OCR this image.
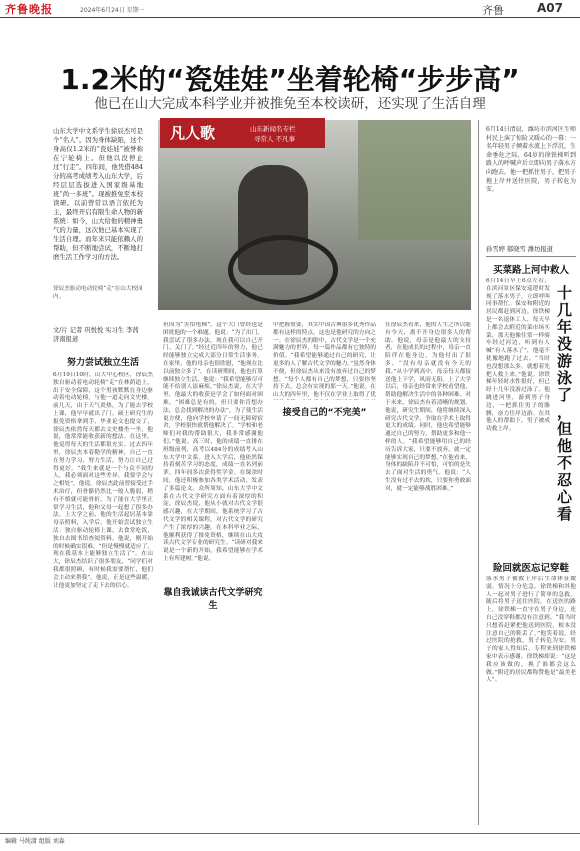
齐鲁晚报	2024年6月24日 星期一	齐鲁	A07
1.2米的“瓷娃娃”坐着轮椅“步步高”
他已在山大完成本科学业并被推免至本校读研，还实现了生活自理
山东大学中文系学生徐辰杰可是个“名人”。因为身体缺陷，这个身高仅1.2米的“瓷娃娃”被誉称在宁轮椅上。但他以没停止过“行走”。四年间，他凭借484分的高考成绩考入山东大学，后经层层选拔进入国家级基地班“尚一多班”。现被推免至本校读研。以前曾常以语言依托为主，最终开启有限生命人物的新系统：如今，山大给他的精神勇气的力量，这次他已基本实现了生活自理。而年来只能依赖人的帮助，但不断地尝试，不断地打磨生活工作学习的方法。
凡人歌	山东新闻名专栏
寻常人 不凡事
徐辰杰驱动电动轮椅“走”在山大校园内。
文/片 记者 巩悦悦 实习生 李茜
济南报道
努力尝试独立生活
靠自我诚读古代文学研究生
接受自己的“不完美”
6月19日10时，山大中心校区，徐辰杰独自驱动着电动轮椅“走”在林荫道上，出于安全保障，这个男孩默默在身边驱动着电动轮椅，与他一道走向文史楼。前几天，由于天气炎热，为了能去学校上课，他早早就出了门。硕士研究生的报免资格拿到手，毕业论文也提交了，徐辰杰依然每天都去文史楼坐一坐，他说，他常常能收获新的想法。在这里，他觉得每天的生活都很充实。过去四年里，徐辰杰本着勤学的精神，自己一直在努力学习、努力生活，努力让自己过得更好。“我生来就是一个与众不同的人，我必须面对这些差异，我要学会与之相处”，他说。徐辰杰此前曾接受过手术治疗，但骨骼仍然比一般人脆弱，稍有不慎就可能骨折。为了能在大学里正常学习生活，他和父母一起想了很多办法。上大学之前，他的生活起居基本靠母亲照料，入学后，他开始尝试独立生活：独自驱动轮椅上课、去食堂吃饭，独自去图书馆查阅资料。他说，刚开始的时候确实很难，“但是慢慢就适应了，现在我基本上能够独立生活了”。在山大，徐辰杰结识了很多朋友，“同学们对我都很照顾，有时候我需要帮忙，他们会主动来帮我”。他说，正是这些温暖，让他更加坚定了走下去的信心。
但因为“害怕电梯”，这个大门曾经也是困扰他的一个难题。他说：“为了出门，我尝试了很多办法，现在我可以自己开门、关门了。”经过近四年的努力，他已经能够独立完成大部分日常生活事务。在家里，他的母亲也很欣慰，“他现在比以前独立多了”。在读研期间，他也打算继续独立生活，他说：“我希望能够尽可能不给别人添麻烦。”徐辰杰说，在大学里，他最大的收获是学会了如何面对困难，“困难总是有的，但只要你肯想办法，总会找到解决的办法”。为了使生活更方便，他向学校申请了一间无障碍宿舍，学校很快就帮他解决了。“学校和老师们对我的帮助很大，我非常感谢他们。”他说。高三时，他的成绩一直排在班级前列，高考以484分的成绩考入山东大学中文系。进入大学后，他依然保持着刻苦学习的态度，成绩一直名列前茅，四年间多次获得奖学金。在课余时间，他还积极参加各类学术活动，发表了多篇论文。众所周知，山东大学中文系在古代文学研究方面有着深厚的积淀。徐辰杰说，他从小就对古代文学很感兴趣，在大学期间，他系统学习了古代文学的相关课程，对古代文学的研究产生了浓厚的兴趣。在本科毕业之际，他顺利获得了推免资格，继续在山大攻读古代文学专业的研究生。“读研对我来说是一个新的开始，我希望能够在学术上有所建树。”他说。
中把握重要，其实中国古典很多优秀作品都有这样的特点，这也是他研究的方向之一。在徐辰杰的眼中，古代文学是一个充满魅力的世界，每一篇作品都有它独特的价值。“我希望能够通过自己的研究，让更多的人了解古代文学的魅力。”虽然身体不便，但徐辰杰从来没有放弃过自己的梦想。“每个人都有自己的梦想，只要你坚持下去，总会有实现的那一天。”他说。在山大的四年里，他不仅在学业上取得了优
在徐辰杰看来，他的人生之所以能有今天，离不开身边很多人的帮助。他说，母亲是他最大的支持者，在他成长的过程中，母亲一直陪伴在他身边，为他付出了很多。“没有母亲就没有今天的我。”从小学到高中，母亲每天都接送他上下学，风雨无阻。上了大学以后，母亲也经常来学校看望他，帮助他解决生活中的各种困难。对于未来，徐辰杰有着清晰的规划。他说，研究生期间，他将继续深入研究古代文学，争取在学术上取得更大的成绩。同时，他也希望能够通过自己的努力，帮助更多和他一样的人。“我希望能够用自己的经历告诉大家，只要不放弃，就一定能够实现自己的梦想。”在他看来，身体的缺陷并不可怕，可怕的是失去了面对生活的勇气。他说：“人生没有过不去的坎，只要你勇敢面对，就一定能够战胜困难。”
6月14日清晨，潍坊市滨河区生师村民上演了惊险又暖心的一幕：一名年轻男子倾着水流上下浮沉，生命垂危之际，64岁的徐铁梯听到路人的呼喊声后立即向男子落水方向跑去。他一把抓住男子，把男子拖上岸并送往医院，男子转危为安。
孙雪婷 郝晓雪 潍坊报道
买菜路上河中救人
6月14日早上6点左右，在滨河景区保安巡逻时发现了落水男子，立即呼叫同事帮忙。保安和附近的居民都赶到河边。徐铁梯是一名退休工人，每天早上都会去附近的菜市场买菜，那天他像往常一样骑车经过河边，听到有人喊“有人落水了”，他毫不犹豫地跑了过去。“当时也没想那么多，就想着先把人救上来。”他说。徐铁梯年轻时水性很好，但已经十几年没游过泳了。他跳进河里，游到男子身边，一把抓住男子的胳膊，奋力往岸边游。在其他人的帮助下，男子被成功救上岸。
十
几
年
没
游
泳
了
，
但
他
不
忍
心
看
险回就医忘记穿鞋
落水男子被救上岸后生命体征微弱，情况十分危急。徐铁梯和其他人一起对男子进行了简单的急救，随后将男子送往医院。在送医的路上，徐铁梯一直守在男子身边，连自己没穿鞋都没有注意到。“我当时只想着赶紧把他送到医院，根本没注意自己的鞋丢了。”他笑着说。经过医院的抢救，男子转危为安。男子的家人得知后，专程来到徐铁梯家中表示感谢。徐铁梯却说：“这是我应该做的，换了谁都会这么做。”附近的居民都称赞他是“最美老人”。
编辑 马纯潇 组版 刘淼
